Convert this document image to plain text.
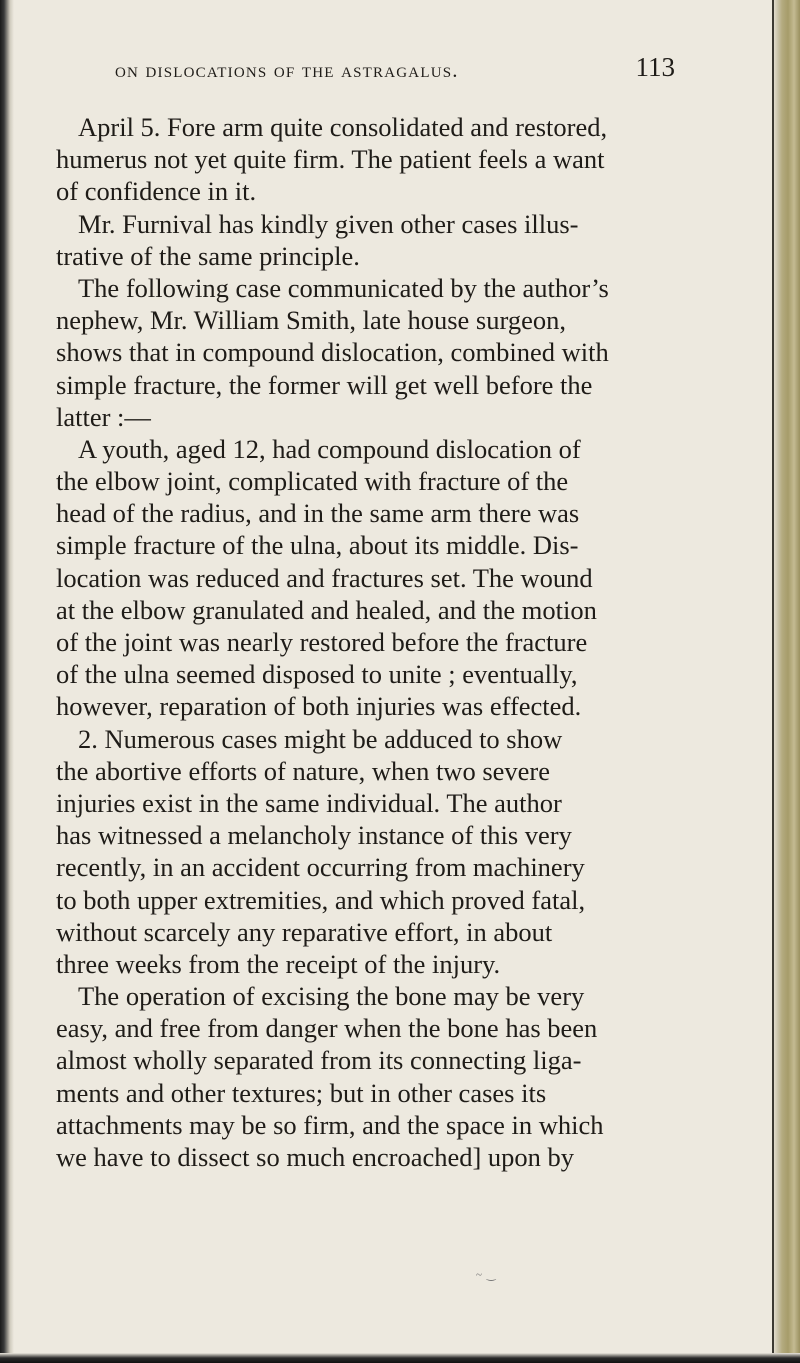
on dislocations of the astragalus.	113
April 5. Fore arm quite consolidated and restored,
humerus not yet quite firm. The patient feels a want
of confidence in it.
Mr. Furnival has kindly given other cases illus-
trative of the same principle.
The following case communicated by the author’s
nephew, Mr. William Smith, late house surgeon,
shows that in compound dislocation, combined with
simple fracture, the former will get well before the
latter :—
A youth, aged 12, had compound dislocation of
the elbow joint, complicated with fracture of the
head of the radius, and in the same arm there was
simple fracture of the ulna, about its middle. Dis-
location was reduced and fractures set. The wound
at the elbow granulated and healed, and the motion
of the joint was nearly restored before the fracture
of the ulna seemed disposed to unite ; eventually,
however, reparation of both injuries was effected.
2. Numerous cases might be adduced to show
the abortive efforts of nature, when two severe
injuries exist in the same individual. The author
has witnessed a melancholy instance of this very
recently, in an accident occurring from machinery
to both upper extremities, and which proved fatal,
without scarcely any reparative effort, in about
three weeks from the receipt of the injury.
The operation of excising the bone may be very
easy, and free from danger when the bone has been
almost wholly separated from its connecting liga-
ments and other textures; but in other cases its
attachments may be so firm, and the space in which
we have to dissect so much encroached] upon by
~ ‿
